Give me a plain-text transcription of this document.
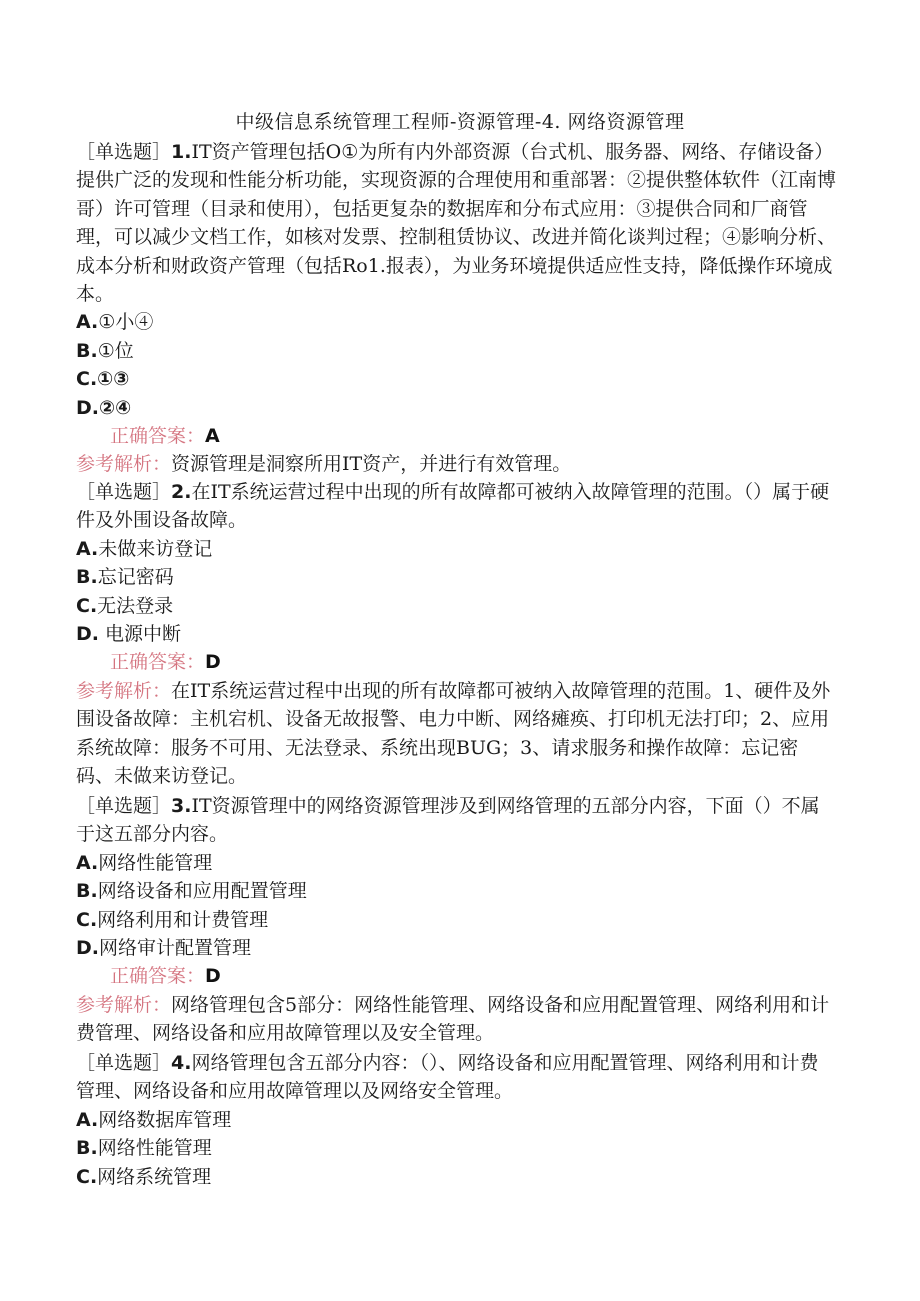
中级信息系统管理工程师-资源管理-4. 网络资源管理

［单选题］1.IT资产管理包括O①为所有内外部资源（台式机、服务器、网络、存储设备）提供广泛的发现和性能分析功能，实现资源的合理使用和重部署：②提供整体软件（江南博哥）许可管理（目录和使用），包括更复杂的数据库和分布式应用：③提供合同和厂商管理，可以减少文档工作，如核对发票、控制租赁协议、改进并简化谈判过程；④影响分析、成本分析和财政资产管理（包括Ro1.报表），为业务环境提供适应性支持，降低操作环境成本。

A.①小④

B.①位

C.①③

D.②④

正确答案：A

参考解析：资源管理是洞察所用IT资产，并进行有效管理。

［单选题］2.在IT系统运营过程中出现的所有故障都可被纳入故障管理的范围。（）属于硬件及外围设备故障。

A.未做来访登记

B.忘记密码

C.无法登录

D. 电源中断

正确答案：D

参考解析：在IT系统运营过程中出现的所有故障都可被纳入故障管理的范围。1、硬件及外围设备故障：主机宕机、设备无故报警、电力中断、网络瘫痪、打印机无法打印；2、应用系统故障：服务不可用、无法登录、系统出现BUG；3、请求服务和操作故障：忘记密码、未做来访登记。

［单选题］3.IT资源管理中的网络资源管理涉及到网络管理的五部分内容，下面（）不属于这五部分内容。

A.网络性能管理

B.网络设备和应用配置管理

C.网络利用和计费管理

D.网络审计配置管理

正确答案：D

参考解析：网络管理包含5部分：网络性能管理、网络设备和应用配置管理、网络利用和计费管理、网络设备和应用故障管理以及安全管理。

［单选题］4.网络管理包含五部分内容：（）、网络设备和应用配置管理、网络利用和计费管理、网络设备和应用故障管理以及网络安全管理。

A.网络数据库管理

B.网络性能管理

C.网络系统管理
